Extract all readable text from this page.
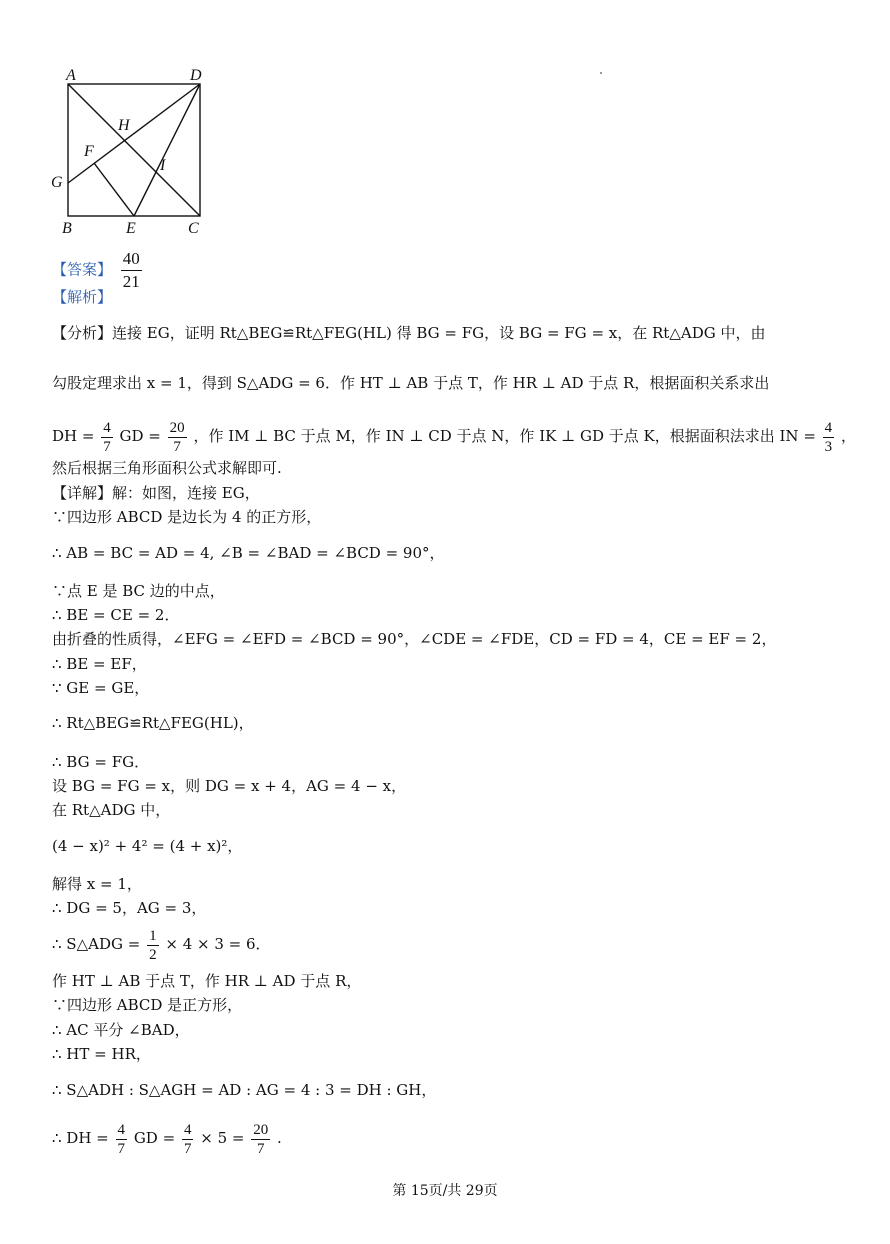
A	D
H
F
I
G
B	E	C
【答案】 $\frac{40}{21}$
【解析】
【分析】连接 EG，证明 Rt△BEG≌Rt△FEG(HL) 得 BG = FG，设 BG = FG = x，在 Rt△ADG 中，由
勾股定理求出 x = 1，得到 S△ADG = 6．作 HT ⊥ AB 于点 T，作 HR ⊥ AD 于点 R，根据面积关系求出
DH = $\frac{4}{7}$ GD = $\frac{20}{7}$ ，作 IM ⊥ BC 于点 M，作 IN ⊥ CD 于点 N，作 IK ⊥ GD 于点 K，根据面积法求出 IN = $\frac{4}{3}$ ，
然后根据三角形面积公式求解即可.
【详解】解：如图，连接 EG，
∵四边形 ABCD 是边长为 4 的正方形，
∴ AB = BC = AD = 4, ∠B = ∠BAD = ∠BCD = 90°，
∵点 E 是 BC 边的中点，
∴ BE = CE = 2．
由折叠的性质得，∠EFG = ∠EFD = ∠BCD = 90°，∠CDE = ∠FDE，CD = FD = 4，CE = EF = 2，
∴ BE = EF，
∵ GE = GE，
∴ Rt△BEG≌Rt△FEG(HL)，
∴ BG = FG．
设 BG = FG = x，则 DG = x + 4，AG = 4 − x，
在 Rt△ADG 中，
(4 − x)² + 4² = (4 + x)²，
解得 x = 1，
∴ DG = 5，AG = 3，
∴ S△ADG = $\frac{1}{2} \times 4 \times 3 = 6$．
作 HT ⊥ AB 于点 T，作 HR ⊥ AD 于点 R，
∵四边形 ABCD 是正方形，
∴ AC 平分 ∠BAD，
∴ HT = HR，
∴ S△ADH : S△AGH = AD : AG = 4 : 3 = DH : GH，
∴ DH = $\frac{4}{7}$ GD = $\frac{4}{7} \times 5 = \frac{20}{7}$ .
第 15页/共 29页
